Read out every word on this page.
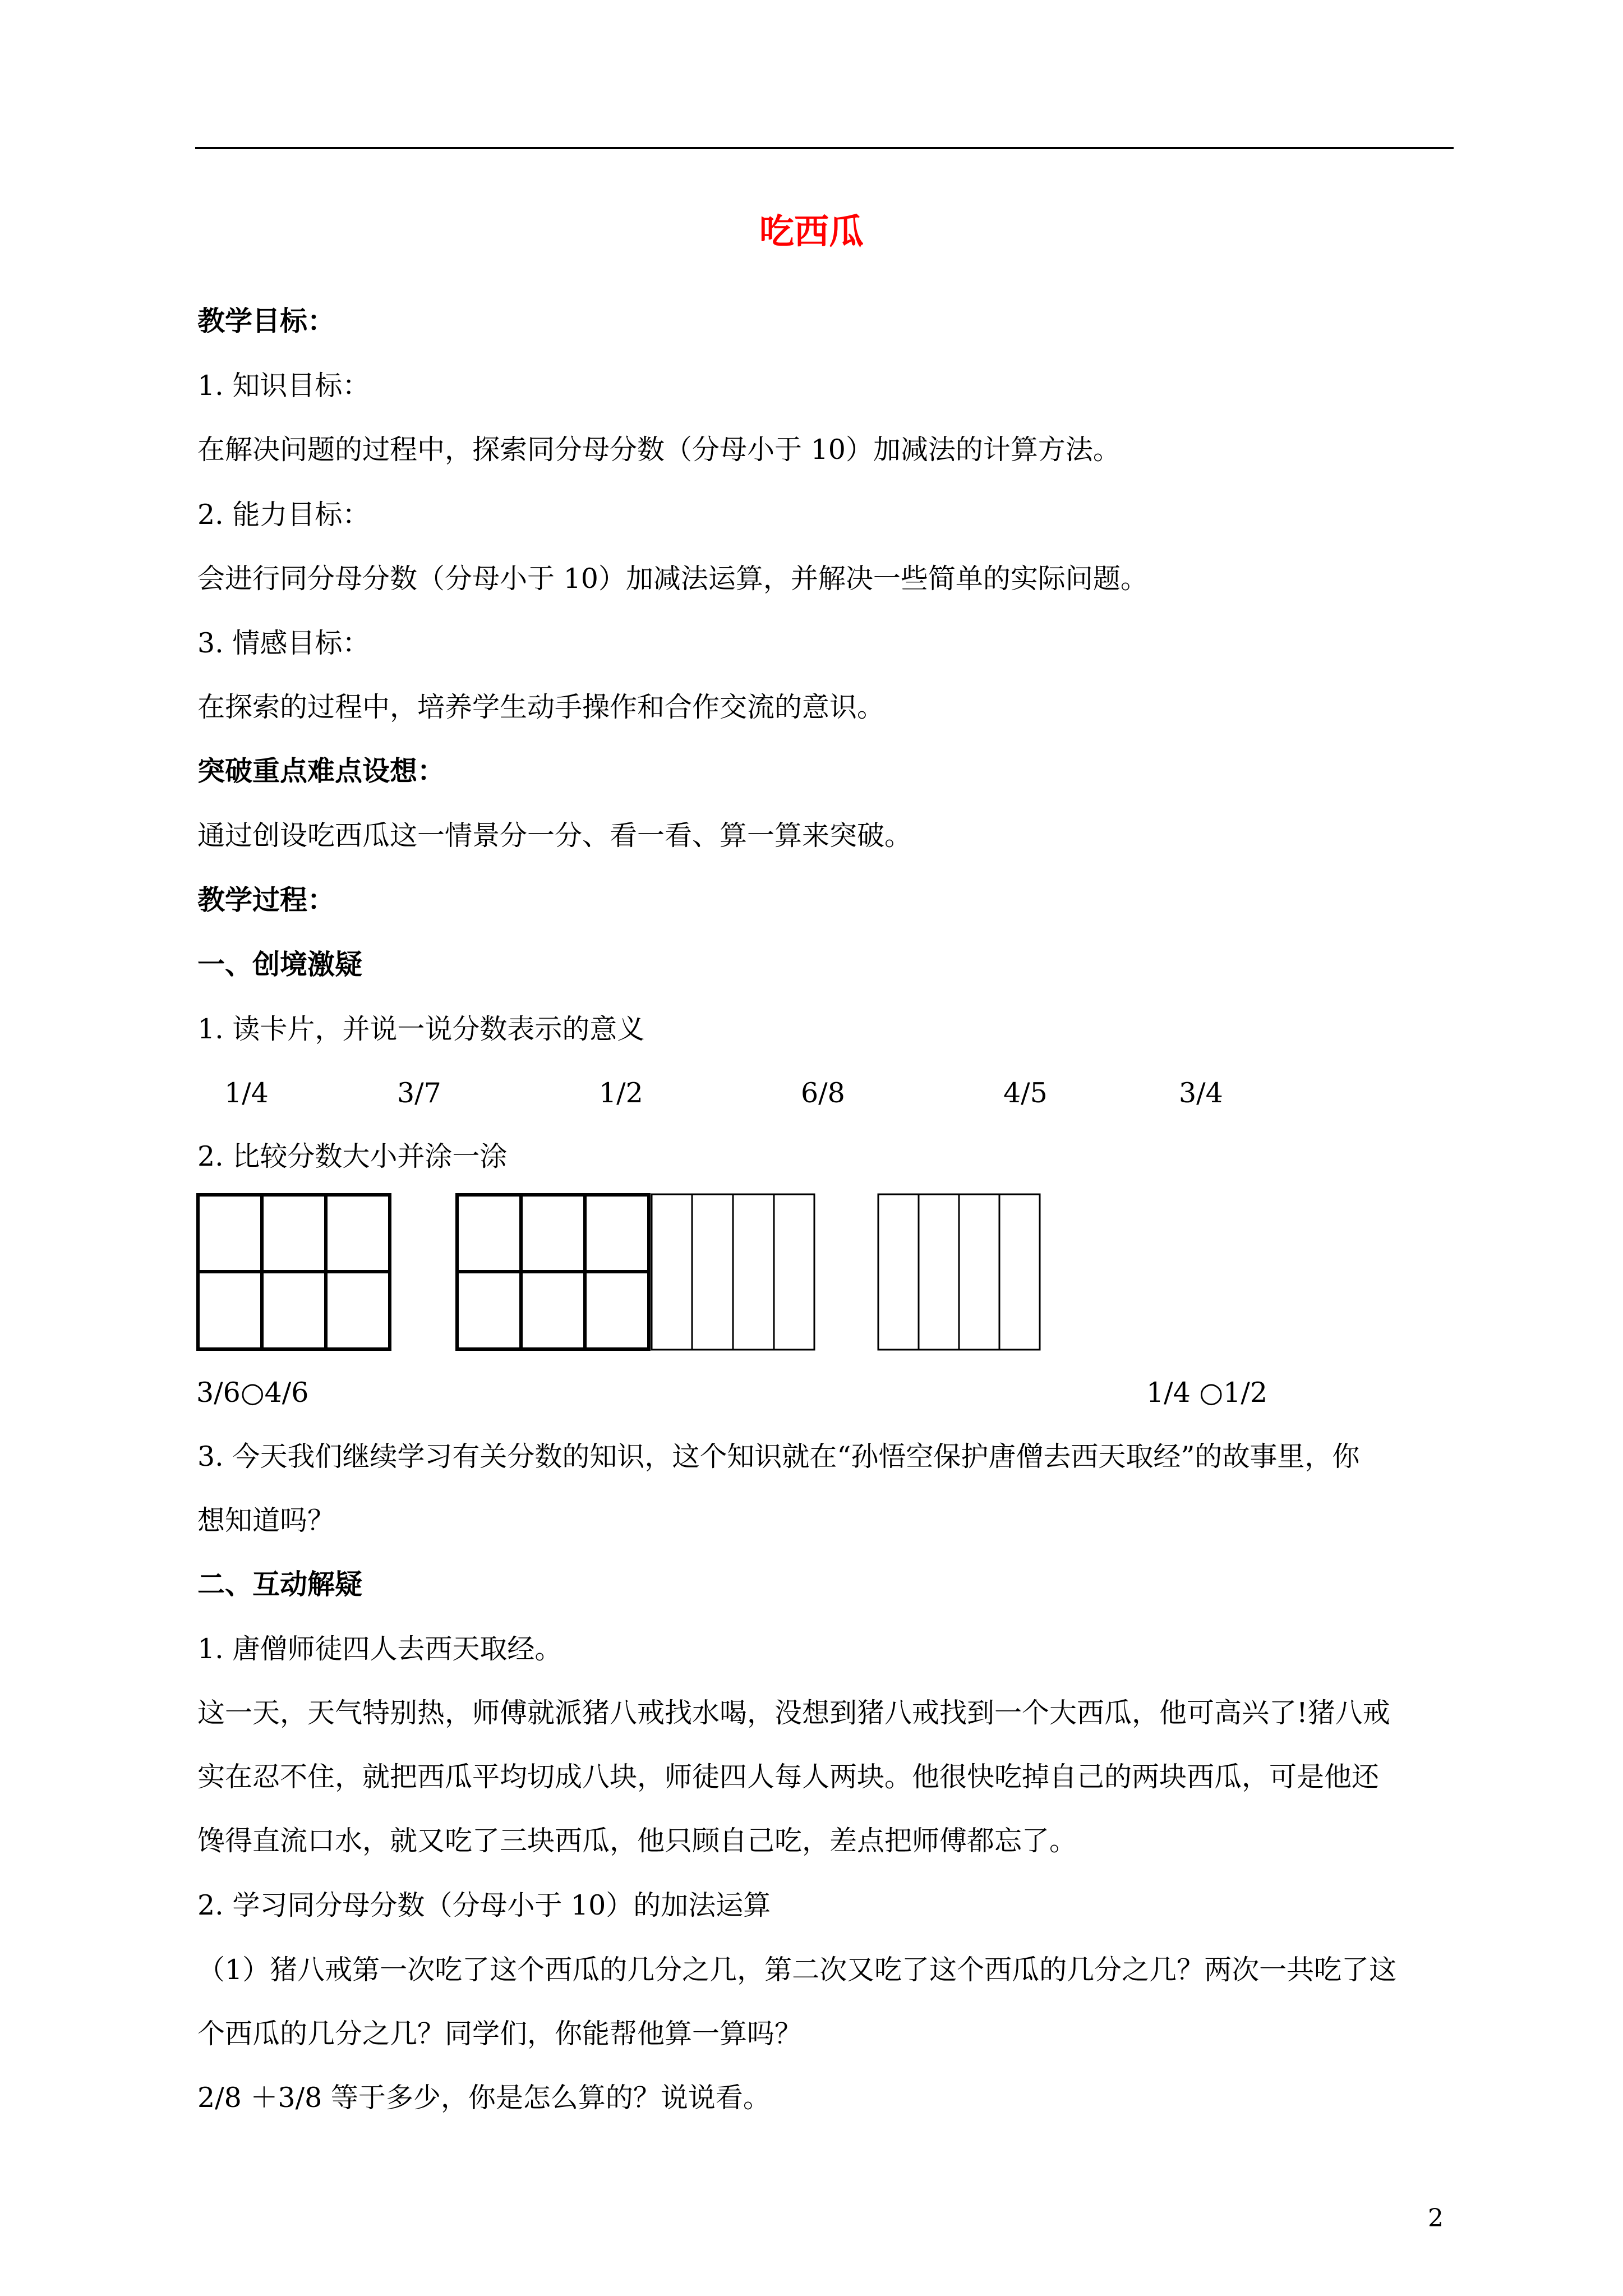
吃西瓜
教学目标：
1. 知识目标：
在解决问题的过程中，探索同分母分数（分母小于 10）加减法的计算方法。
2. 能力目标：
会进行同分母分数（分母小于 10）加减法运算，并解决一些简单的实际问题。
3. 情感目标：
在探索的过程中，培养学生动手操作和合作交流的意识。
突破重点难点设想：
通过创设吃西瓜这一情景分一分、看一看、算一算来突破。
教学过程：
一、创境激疑
1. 读卡片，并说一说分数表示的意义
1/4	3/7	1/2	6/8	4/5	3/4
2. 比较分数大小并涂一涂
3/6○4/6	1/4 ○1/2
3. 今天我们继续学习有关分数的知识，这个知识就在“孙悟空保护唐僧去西天取经”的故事里，你
想知道吗？
二、互动解疑
1. 唐僧师徒四人去西天取经。
这一天，天气特别热，师傅就派猪八戒找水喝，没想到猪八戒找到一个大西瓜，他可高兴了!猪八戒
实在忍不住，就把西瓜平均切成八块，师徒四人每人两块。他很快吃掉自己的两块西瓜，可是他还
馋得直流口水，就又吃了三块西瓜，他只顾自己吃，差点把师傅都忘了。
2. 学习同分母分数（分母小于 10）的加法运算
（1）猪八戒第一次吃了这个西瓜的几分之几，第二次又吃了这个西瓜的几分之几？两次一共吃了这
个西瓜的几分之几？同学们，你能帮他算一算吗？
2/8 ＋3/8 等于多少，你是怎么算的？说说看。
2
